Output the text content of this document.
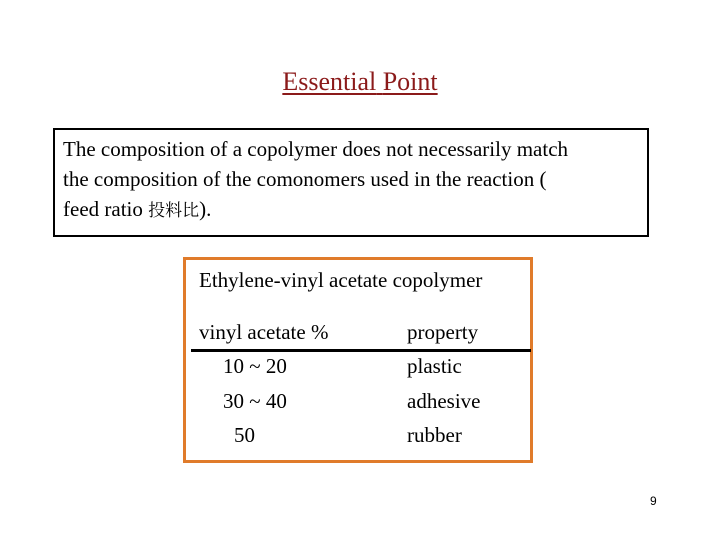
Essential Point
The composition of a copolymer does not necessarily match
the composition of the comonomers used in the reaction (
feed ratio 投料比).
Ethylene-vinyl acetate copolymer
vinyl acetate %	property
10 ~ 20	plastic
30 ~ 40	adhesive
50	rubber
9
